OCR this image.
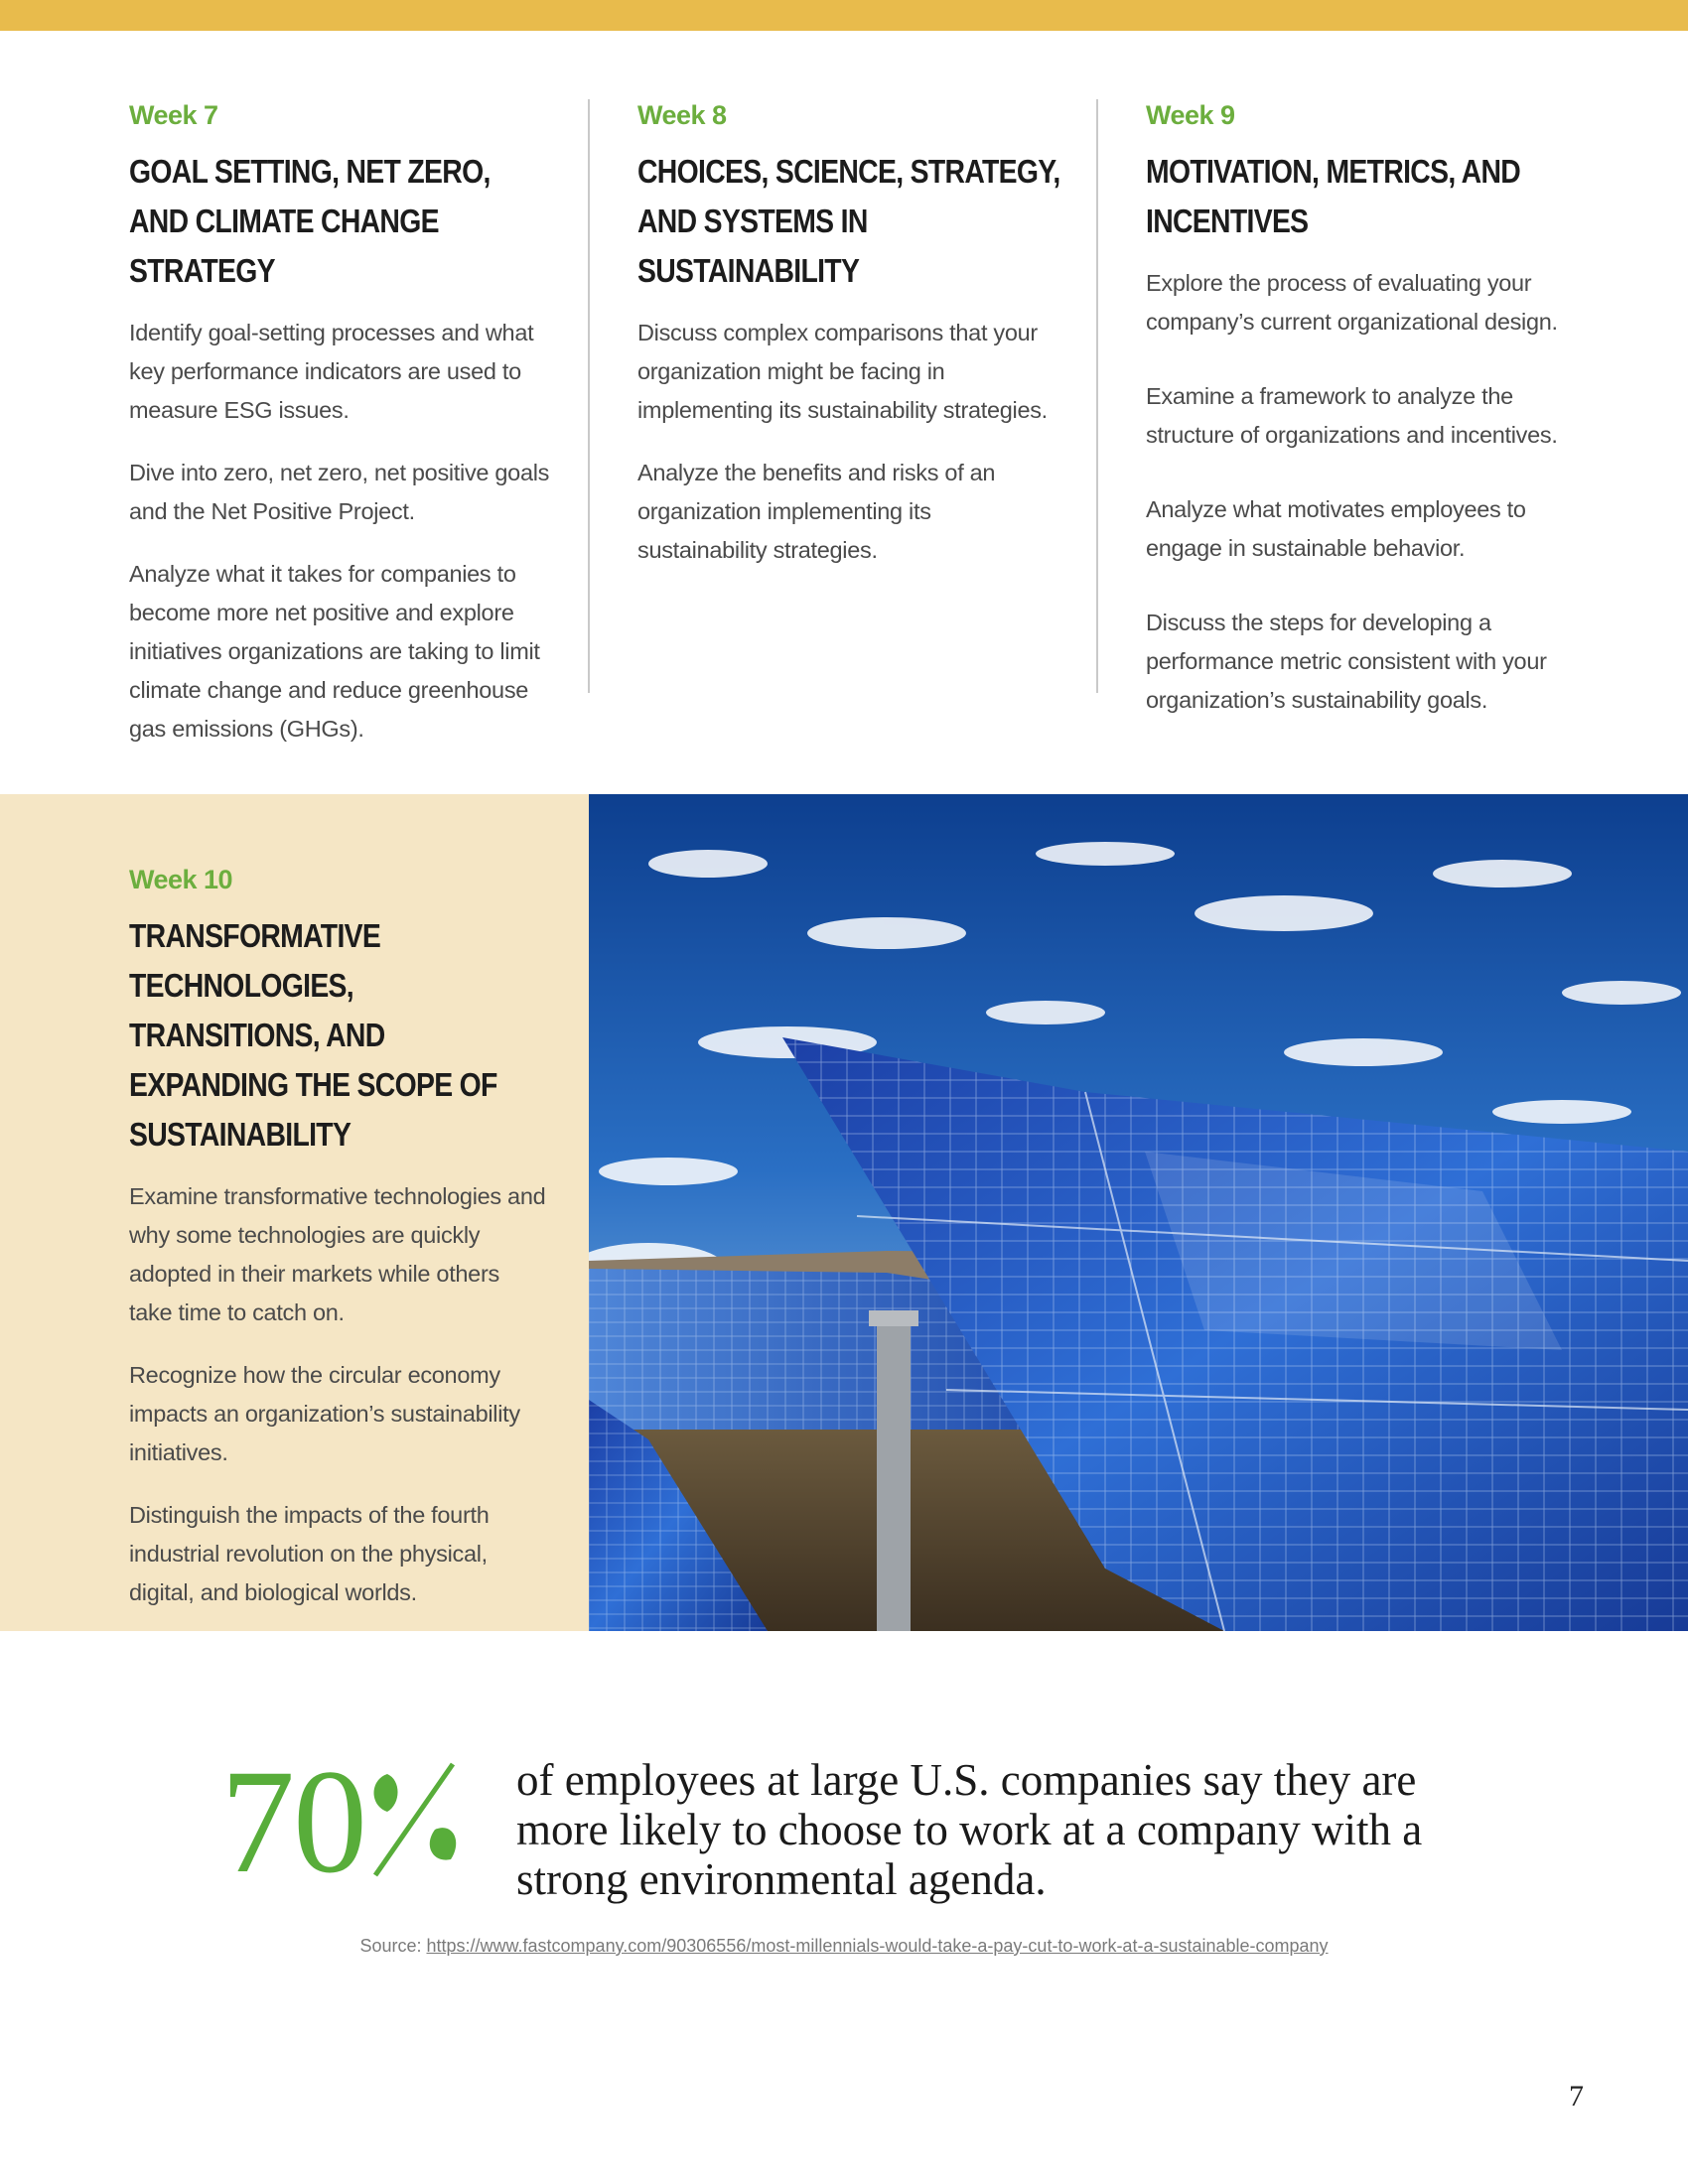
Week 7
GOAL SETTING, NET ZERO, AND CLIMATE CHANGE STRATEGY

Identify goal-setting processes and what key performance indicators are used to measure ESG issues.

Dive into zero, net zero, net positive goals and the Net Positive Project.

Analyze what it takes for companies to become more net positive and explore initiatives organizations are taking to limit climate change and reduce greenhouse gas emissions (GHGs).

Week 8
CHOICES, SCIENCE, STRATEGY, AND SYSTEMS IN SUSTAINABILITY

Discuss complex comparisons that your organization might be facing in implementing its sustainability strategies.

Analyze the benefits and risks of an organization implementing its sustainability strategies.

Week 9
MOTIVATION, METRICS, AND INCENTIVES

Explore the process of evaluating your company’s current organizational design.

Examine a framework to analyze the structure of organizations and incentives.

Analyze what motivates employees to engage in sustainable behavior.

Discuss the steps for developing a performance metric consistent with your organization’s sustainability goals.

Week 10
TRANSFORMATIVE TECHNOLOGIES, TRANSITIONS, AND EXPANDING THE SCOPE OF SUSTAINABILITY

Examine transformative technologies and why some technologies are quickly adopted in their markets while others take time to catch on.

Recognize how the circular economy impacts an organization’s sustainability initiatives.

Distinguish the impacts of the fourth industrial revolution on the physical, digital, and biological worlds.

70	of employees at large U.S. companies say they are more likely to choose to work at a company with a strong environmental agenda.
Source: https://www.fastcompany.com/90306556/most-millennials-would-take-a-pay-cut-to-work-at-a-sustainable-company
7
